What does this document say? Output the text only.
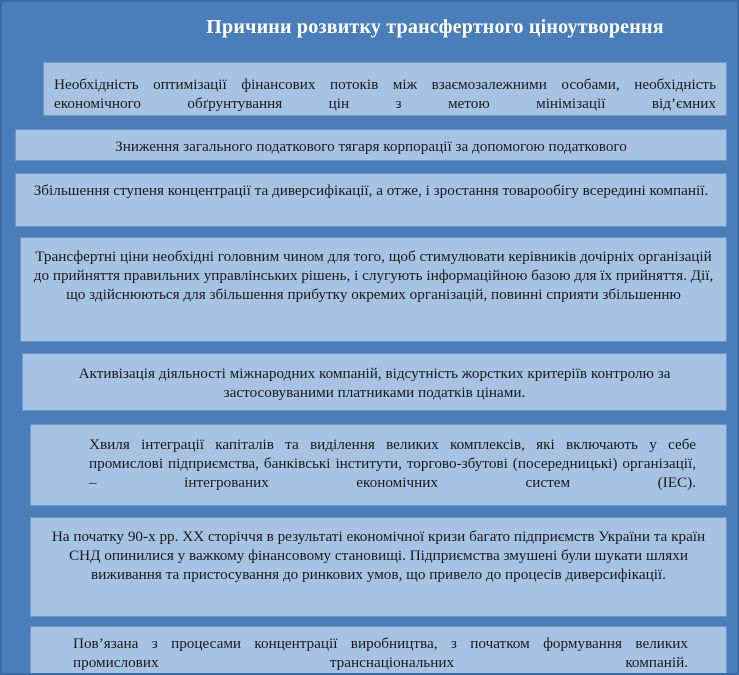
Причини розвитку трансфертного ціноутворення
Необхідність оптимізації фінансових потоків між взаємозалежними особами, необхідність економічного обґрунтування цін з метою мінімізації від’ємних
Зниження загального податкового тягаря корпорації за допомогою податкового
Збільшення ступеня концентрації та диверсифікації, а отже, і зростання товарообігу всередині компанії.
Трансфертні ціни необхідні головним чином для того, щоб стимулювати керівників дочірніх організацій до прийняття правильних управлінських рішень, і слугують інформаційною базою для їх прийняття. Дії, що здійснюються для збільшення прибутку окремих організацій, повинні сприяти збільшенню
Активізація діяльності міжнародних компаній, відсутність жорстких критеріїв контролю за застосовуваними платниками податків цінами.
Хвиля інтеграції капіталів та виділення великих комплексів, які включають у себе промислові підприємства, банківські інститути, торгово-збутові (посередницькі) організації, – інтегрованих економічних систем (ІЕС).
На початку 90-х рр. ХХ сторіччя в результаті економічної кризи багато підприємств України та країн СНД опинилися у важкому фінансовому становищі. Підприємства змушені були шукати шляхи виживання та пристосування до ринкових умов, що привело до процесів диверсифікації.
Пов’язана з процесами концентрації виробництва, з початком формування великих промислових транснаціональних компаній.
